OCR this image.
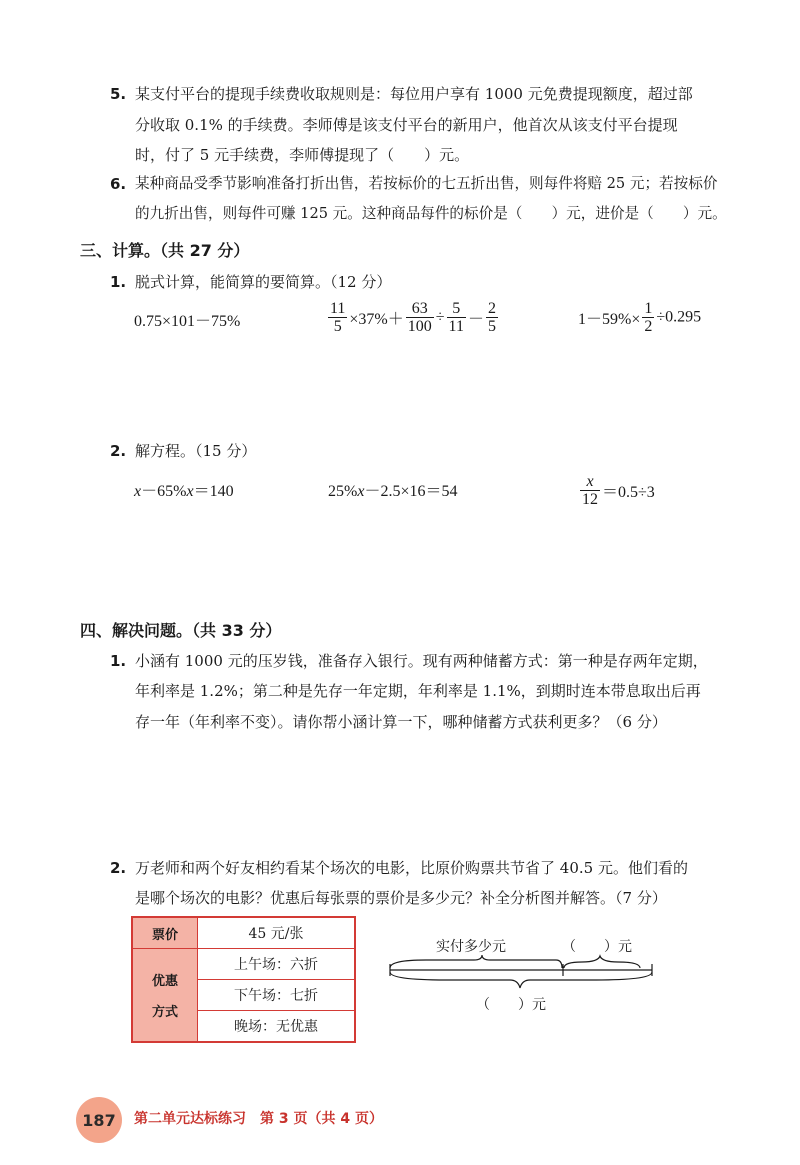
5. 某支付平台的提现手续费收取规则是：每位用户享有 1000 元免费提现额度，超过部
分收取 0.1% 的手续费。李师傅是该支付平台的新用户，他首次从该支付平台提现
时，付了 5 元手续费，李师傅提现了（　　）元。
6. 某种商品受季节影响准备打折出售，若按标价的七五折出售，则每件将赔 25 元；若按标价
的九折出售，则每件可赚 125 元。这种商品每件的标价是（　　）元，进价是（　　）元。
三、计算。（共 27 分）
1. 脱式计算，能简算的要简算。（12 分）
0.75×101－75%	$\frac{11}{5} \times 37\%+ \frac{63}{100} \div \frac{5}{11} - \frac{2}{5}$	$1-59\%\times \frac{1}{2} \div 0.295$
2. 解方程。（15 分）
x－65%x＝140	25%x－2.5×16＝54	$\frac{x}{12} =0.5\div 3$
四、解决问题。（共 33 分）
1. 小涵有 1000 元的压岁钱，准备存入银行。现有两种储蓄方式：第一种是存两年定期，
年利率是 1.2%；第二种是先存一年定期，年利率是 1.1%，到期时连本带息取出后再
存一年（年利率不变）。请你帮小涵计算一下，哪种储蓄方式获利更多？（6 分）
2. 万老师和两个好友相约看某个场次的电影，比原价购票共节省了 40.5 元。他们看的
是哪个场次的电影？优惠后每张票的票价是多少元？补全分析图并解答。（7 分）
票价	45 元/张

优惠
方式	上午场：六折
	下午场：七折
	晚场：无优惠
实付多少元	（　　）元
（　　）元
187	第二单元达标练习　第 3 页（共 4 页）
